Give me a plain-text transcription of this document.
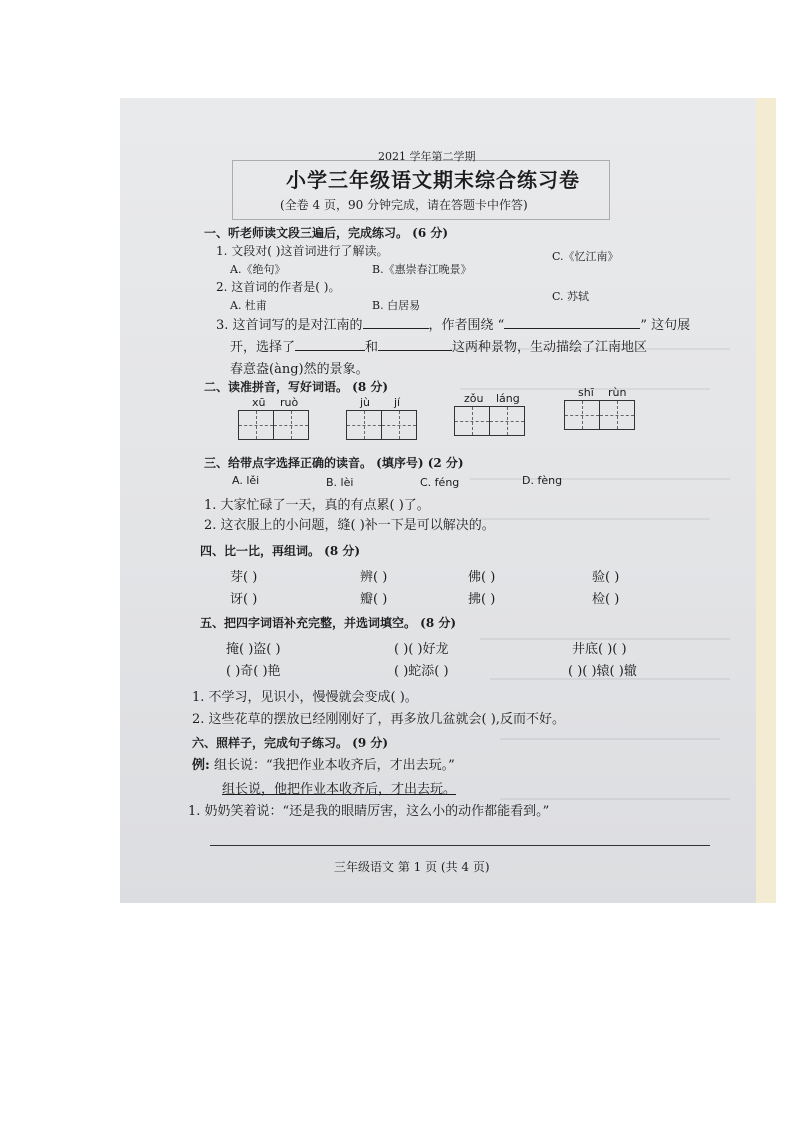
2021 学年第二学期
小学三年级语文期末综合练习卷
(全卷 4 页，90 分钟完成，请在答题卡中作答)
一、听老师读文段三遍后，完成练习。 (6 分)
1. 文段对( )这首词进行了解读。
A.《绝句》	B.《惠崇春江晚景》
C.《忆江南》
2. 这首词的作者是( )。
A. 杜甫	B. 白居易
C. 苏轼
3. 这首词写的是对江南的	，作者围绕 “	” 这句展
开，选择了	和	这两种景物，生动描绘了江南地区
春意盎(àng)然的景象。
二、读准拼音，写好词语。 (8 分)
xū ruò	jù jí	zǒu láng	shī rùn
三、给带点字选择正确的读音。 (填序号) (2 分)
A. lěi	B. lèi	C. féng	D. fèng
1. 大家忙碌了一天，真的有点累( )了。
2. 这衣服上的小问题，缝( )补一下是可以解决的。
四、比一比，再组词。 (8 分)
芽( )	辨( )	佛( )	验( )
讶( )	瓣( )	拂( )	检( )
五、把四字词语补充完整，并选词填空。 (8 分)
掩( )盗( )	( )( )好龙	井底( )( )
( )奇( )艳	( )蛇添( )	( )( )辕( )辙
1. 不学习，见识小，慢慢就会变成( )。
2. 这些花草的摆放已经刚刚好了，再多放几盆就会( ),反而不好。
六、照样子，完成句子练习。 (9 分)
例: 组长说：“我把作业本收齐后，才出去玩。”
组长说，他把作业本收齐后，才出去玩。
1. 奶奶笑着说：“还是我的眼睛厉害，这么小的动作都能看到。”
三年级语文 第 1 页 (共 4 页)
